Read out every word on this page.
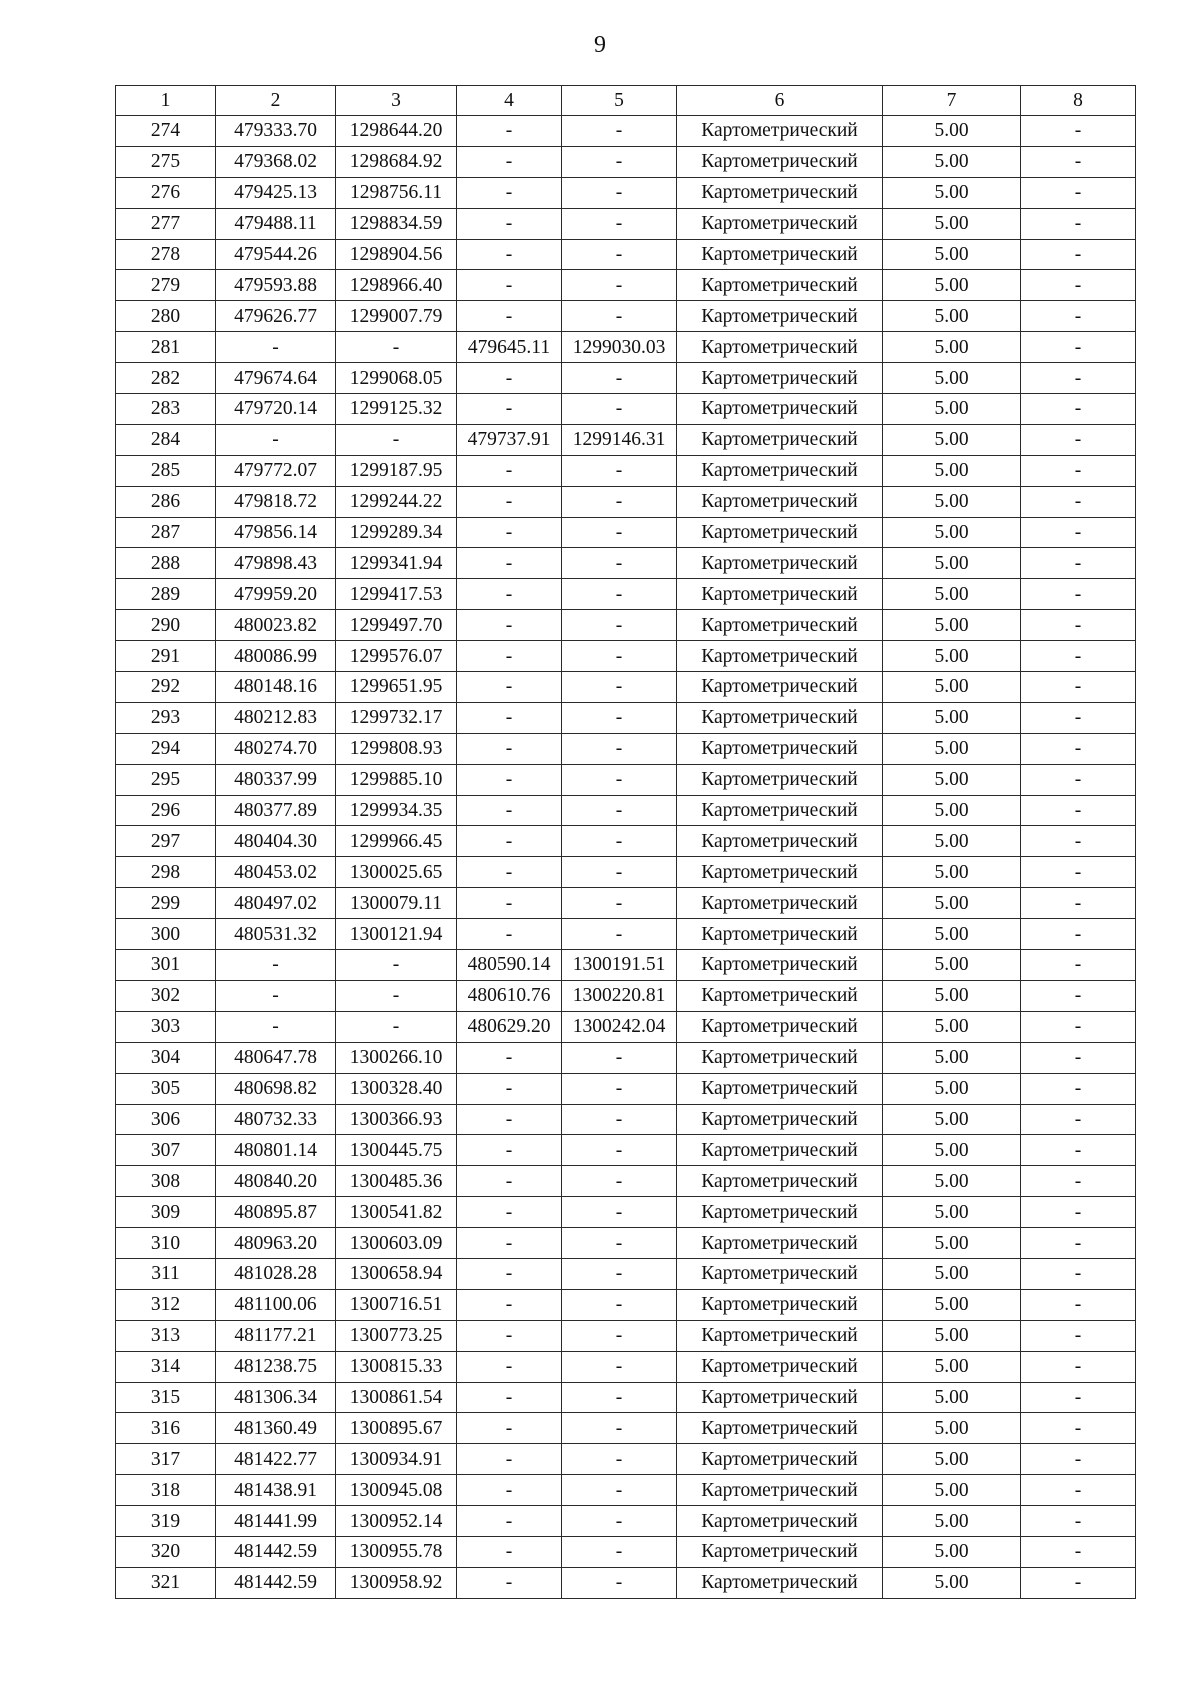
9
1	2	3	4	5	6	7	8
274	479333.70	1298644.20	-	-	Картометрический	5.00	-
275	479368.02	1298684.92	-	-	Картометрический	5.00	-
276	479425.13	1298756.11	-	-	Картометрический	5.00	-
277	479488.11	1298834.59	-	-	Картометрический	5.00	-
278	479544.26	1298904.56	-	-	Картометрический	5.00	-
279	479593.88	1298966.40	-	-	Картометрический	5.00	-
280	479626.77	1299007.79	-	-	Картометрический	5.00	-
281	-	-	479645.11	1299030.03	Картометрический	5.00	-
282	479674.64	1299068.05	-	-	Картометрический	5.00	-
283	479720.14	1299125.32	-	-	Картометрический	5.00	-
284	-	-	479737.91	1299146.31	Картометрический	5.00	-
285	479772.07	1299187.95	-	-	Картометрический	5.00	-
286	479818.72	1299244.22	-	-	Картометрический	5.00	-
287	479856.14	1299289.34	-	-	Картометрический	5.00	-
288	479898.43	1299341.94	-	-	Картометрический	5.00	-
289	479959.20	1299417.53	-	-	Картометрический	5.00	-
290	480023.82	1299497.70	-	-	Картометрический	5.00	-
291	480086.99	1299576.07	-	-	Картометрический	5.00	-
292	480148.16	1299651.95	-	-	Картометрический	5.00	-
293	480212.83	1299732.17	-	-	Картометрический	5.00	-
294	480274.70	1299808.93	-	-	Картометрический	5.00	-
295	480337.99	1299885.10	-	-	Картометрический	5.00	-
296	480377.89	1299934.35	-	-	Картометрический	5.00	-
297	480404.30	1299966.45	-	-	Картометрический	5.00	-
298	480453.02	1300025.65	-	-	Картометрический	5.00	-
299	480497.02	1300079.11	-	-	Картометрический	5.00	-
300	480531.32	1300121.94	-	-	Картометрический	5.00	-
301	-	-	480590.14	1300191.51	Картометрический	5.00	-
302	-	-	480610.76	1300220.81	Картометрический	5.00	-
303	-	-	480629.20	1300242.04	Картометрический	5.00	-
304	480647.78	1300266.10	-	-	Картометрический	5.00	-
305	480698.82	1300328.40	-	-	Картометрический	5.00	-
306	480732.33	1300366.93	-	-	Картометрический	5.00	-
307	480801.14	1300445.75	-	-	Картометрический	5.00	-
308	480840.20	1300485.36	-	-	Картометрический	5.00	-
309	480895.87	1300541.82	-	-	Картометрический	5.00	-
310	480963.20	1300603.09	-	-	Картометрический	5.00	-
311	481028.28	1300658.94	-	-	Картометрический	5.00	-
312	481100.06	1300716.51	-	-	Картометрический	5.00	-
313	481177.21	1300773.25	-	-	Картометрический	5.00	-
314	481238.75	1300815.33	-	-	Картометрический	5.00	-
315	481306.34	1300861.54	-	-	Картометрический	5.00	-
316	481360.49	1300895.67	-	-	Картометрический	5.00	-
317	481422.77	1300934.91	-	-	Картометрический	5.00	-
318	481438.91	1300945.08	-	-	Картометрический	5.00	-
319	481441.99	1300952.14	-	-	Картометрический	5.00	-
320	481442.59	1300955.78	-	-	Картометрический	5.00	-
321	481442.59	1300958.92	-	-	Картометрический	5.00	-
